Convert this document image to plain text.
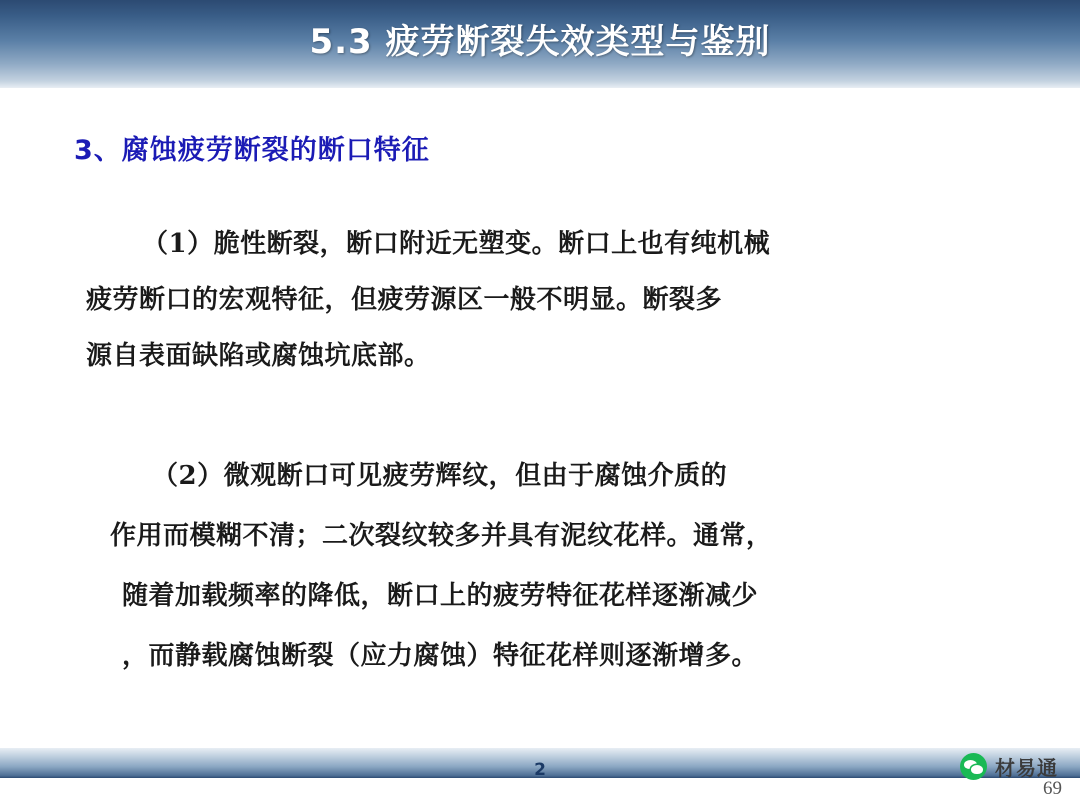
5.3 疲劳断裂失效类型与鉴别
3、腐蚀疲劳断裂的断口特征

（1）脆性断裂，断口附近无塑变。断口上也有纯机械

疲劳断口的宏观特征，但疲劳源区一般不明显。断裂多

源自表面缺陷或腐蚀坑底部。

（2）微观断口可见疲劳辉纹，但由于腐蚀介质的

作用而模糊不清；二次裂纹较多并具有泥纹花样。通常，

随着加载频率的降低，断口上的疲劳特征花样逐渐减少

，而静载腐蚀断裂（应力腐蚀）特征花样则逐渐增多。

材易通
2
69
